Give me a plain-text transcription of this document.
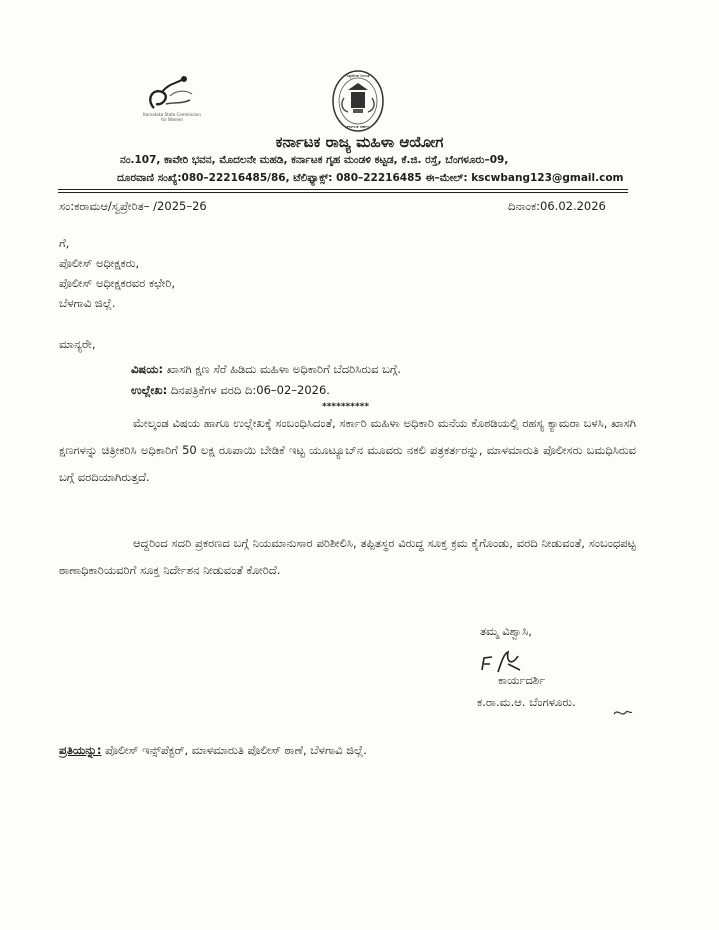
Karnataka State Commission for Women
ಸತ್ಯಮೇವ ಜಯತೆ
ಕರ್ನಾಟಕ ಸರ್ಕಾರ
ಕರ್ನಾಟಕ ರಾಜ್ಯ ಮಹಿಳಾ ಆಯೋಗ
ನಂ.107, ಕಾವೇರಿ ಭವನ, ಮೊದಲನೇ ಮಹಡಿ, ಕರ್ನಾಟಕ ಗೃಹ ಮಂಡಳಿ ಕಟ್ಟಡ, ಕೆ.ಜಿ. ರಸ್ತೆ, ಬೆಂಗಳೂರು–09,
ದೂರವಾಣಿ ಸಂಖ್ಯೆ:080–22216485/86, ಟೆಲಿಫ್ಯಾಕ್ಸ್: 080–22216485 ಈ–ಮೇಲ್: kscwbang123@gmail.com
ಸಂ:ಕರಾಮಆ/ಸ್ವಪ್ರೇರಿತ– /2025–26	ದಿನಾಂಕ:06.02.2026
ಗೆ,
ಪೊಲೀಸ್ ಅಧೀಕ್ಷಕರು,
ಪೊಲೀಸ್ ಅಧೀಕ್ಷಕರವರ ಕಛೇರಿ,
ಬೆಳಗಾವಿ ಜಿಲ್ಲೆ.
ಮಾನ್ಯರೇ,
ವಿಷಯ: ಖಾಸಗಿ ಕ್ಷಣ ಸೆರೆ ಹಿಡಿದು ಮಹಿಳಾ ಅಧಿಕಾರಿಗೆ ಬೆದರಿಸಿರುವ ಬಗ್ಗೆ.
ಉಲ್ಲೇಖ: ದಿನಪತ್ರಿಕೆಗಳ ವರದಿ ದಿ:06–02–2026.
**********
ಮೇಲ್ಕಂಡ ವಿಷಯ ಹಾಗೂ ಉಲ್ಲೇಖಕ್ಕೆ ಸಂಬಂಧಿಸಿದಂತೆ, ಸರ್ಕಾರಿ ಮಹಿಳಾ ಅಧಿಕಾರಿ ಮನೆಯ ಕೊಠಡಿಯಲ್ಲಿ ರಹಸ್ಯ ಕ್ಯಾಮರಾ ಬಳಸಿ, ಖಾಸಗಿ ಕ್ಷಣಗಳನ್ನು ಚಿತ್ರೀಕರಿಸಿ ಅಧಿಕಾರಿಗೆ 50 ಲಕ್ಷ ರೂಪಾಯಿ ಬೇಡಿಕೆ ಇಟ್ಟ ಯೂಟ್ಯೂಬ್‌ನ ಮೂವರು ನಕಲಿ ಪತ್ರಕರ್ತರನ್ನು, ಮಾಳಮಾರುತಿ ಪೊಲೀಸರು ಬಮಧಿಸಿರುವ ಬಗ್ಗೆ ವರದಿಯಾಗಿರುತ್ತದೆ.
ಆದ್ದರಿಂದ ಸದರಿ ಪ್ರಕರಣದ ಬಗ್ಗೆ ನಿಯಮಾನುಸಾರ ಪರಿಶೀಲಿಸಿ, ತಪ್ಪಿತಸ್ಥರ ವಿರುದ್ಧ ಸೂಕ್ತ ಕ್ರಮ ಕೈಗೊಂಡು, ವರದಿ ನೀಡುವಂತೆ, ಸಂಬಂಧಪಟ್ಟ ಠಾಣಾಧಿಕಾರಿಯವರಿಗೆ ಸೂಕ್ತ ನಿರ್ದೇಶನ ನೀಡುವಂತೆ ಕೋರಿದೆ.
ತಮ್ಮ ವಿಶ್ವಾಸಿ,
ಕಾರ್ಯದರ್ಶಿ
ಕ.ರಾ.ಮ.ಆ. ಬೆಂಗಳೂರು.
ಪ್ರತಿಯನ್ನು: ಪೊಲೀಸ್ ಇನ್ಸ್‌ಪೆಕ್ಟರ್, ಮಾಳಮಾರುತಿ ಪೊಲೀಸ್ ಠಾಣೆ, ಬೆಳಗಾವಿ ಜಿಲ್ಲೆ.
